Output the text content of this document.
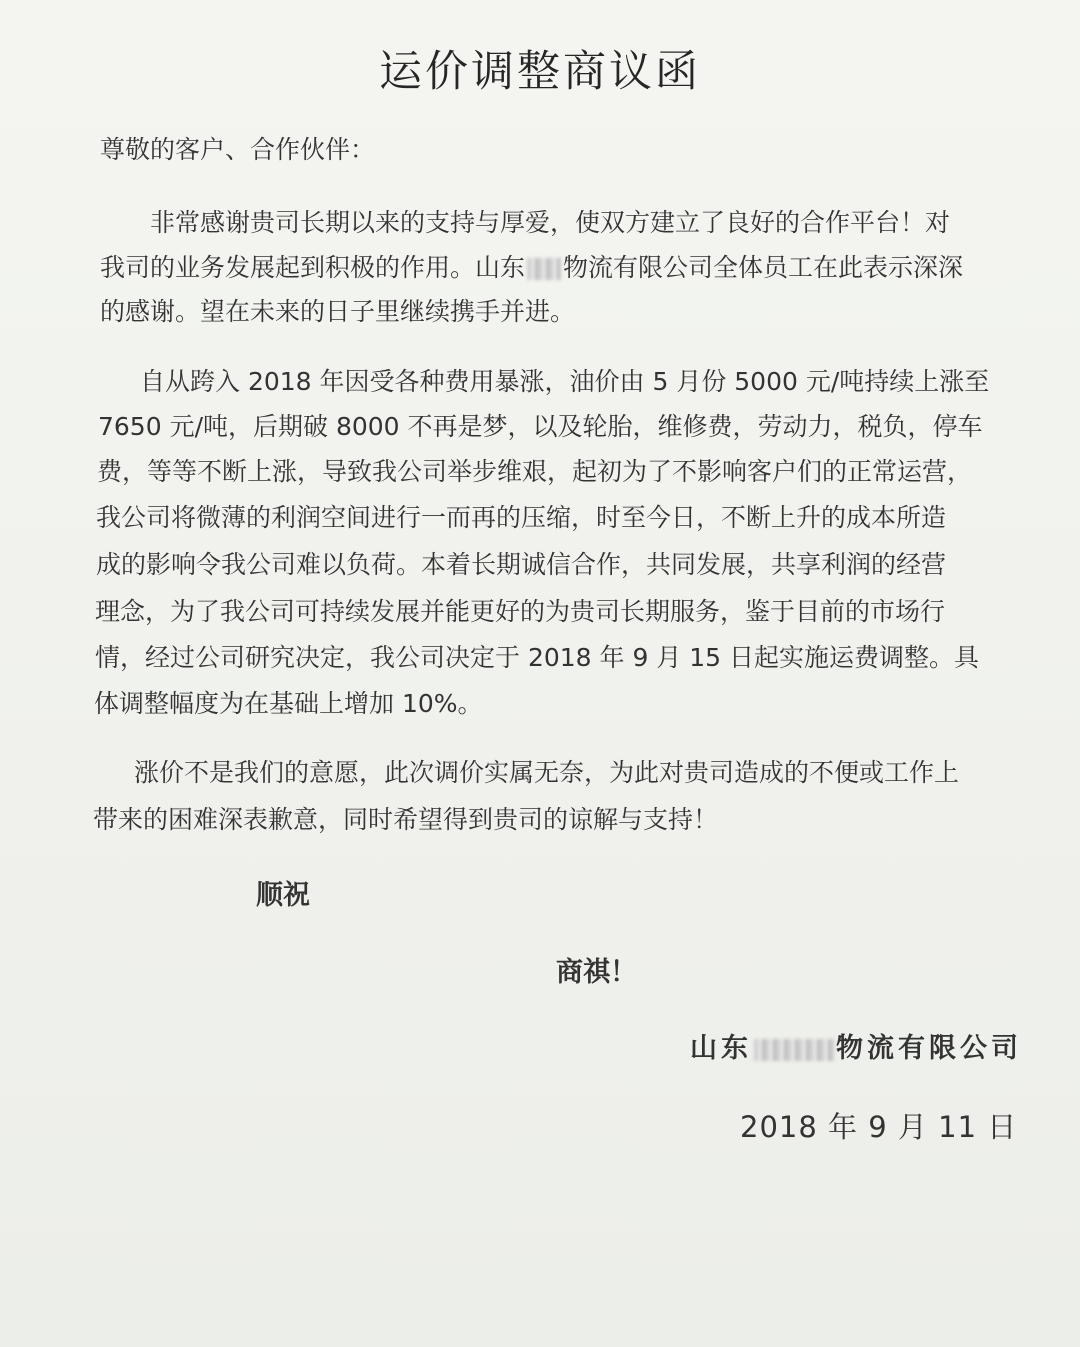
运价调整商议函
尊敬的客户、合作伙伴：
非常感谢贵司长期以来的支持与厚爱，使双方建立了良好的合作平台！对
我司的业务发展起到积极的作用。山东 物流有限公司全体员工在此表示深深
的感谢。望在未来的日子里继续携手并进。
自从跨入 2018 年因受各种费用暴涨，油价由 5 月份 5000 元/吨持续上涨至
7650 元/吨，后期破 8000 不再是梦，以及轮胎，维修费，劳动力，税负，停车
费，等等不断上涨，导致我公司举步维艰，起初为了不影响客户们的正常运营，
我公司将微薄的利润空间进行一而再的压缩，时至今日，不断上升的成本所造
成的影响令我公司难以负荷。本着长期诚信合作，共同发展，共享利润的经营
理念，为了我公司可持续发展并能更好的为贵司长期服务，鉴于目前的市场行
情，经过公司研究决定，我公司决定于 2018 年 9 月 15 日起实施运费调整。具
体调整幅度为在基础上增加 10%。
涨价不是我们的意愿，此次调价实属无奈，为此对贵司造成的不便或工作上
带来的困难深表歉意，同时希望得到贵司的谅解与支持！
顺祝
商祺！
山东	物流有限公司
2018 年 9 月 11 日
